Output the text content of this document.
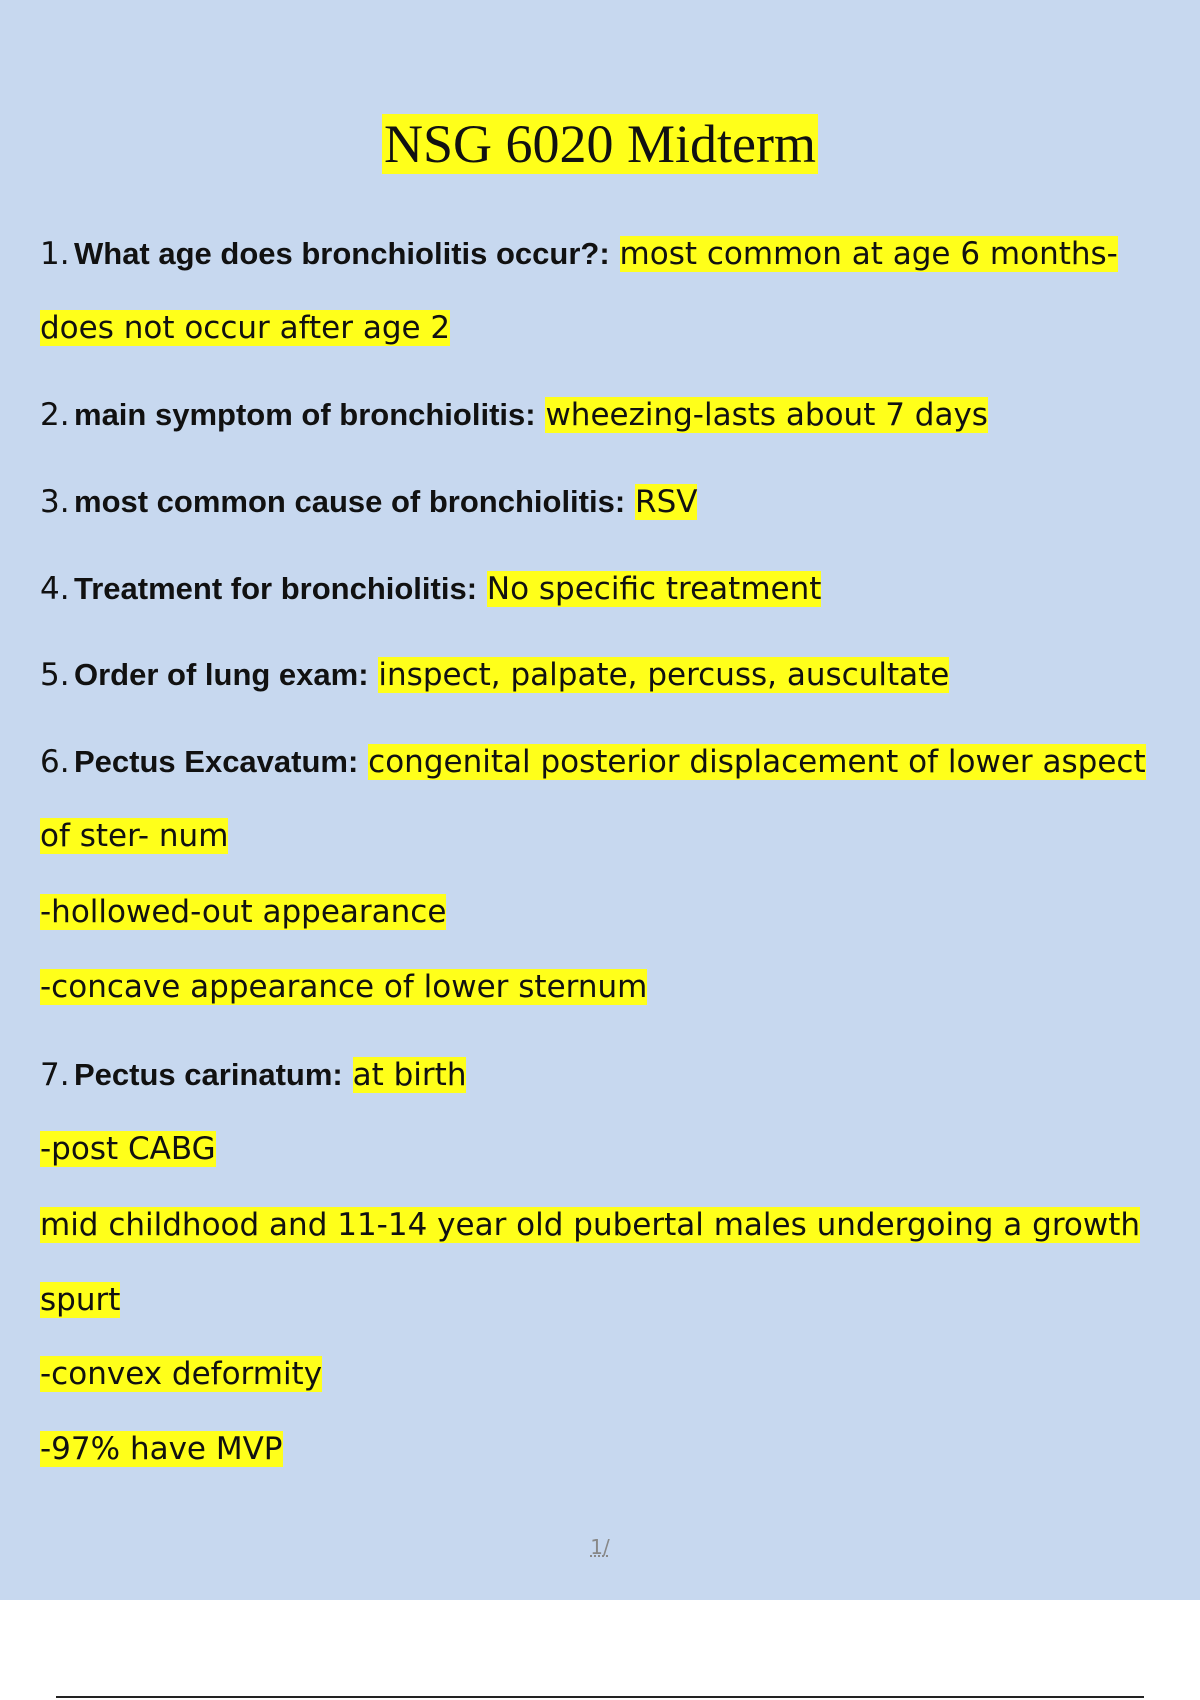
NSG 6020 Midterm

1. What age does bronchiolitis occur?: most common at age 6 months-

does not occur after age 2

2. main symptom of bronchiolitis: wheezing-lasts about 7 days

3. most common cause of bronchiolitis: RSV

4. Treatment for bronchiolitis: No specific treatment

5. Order of lung exam: inspect, palpate, percuss, auscultate

6. Pectus Excavatum: congenital posterior displacement of lower aspect

of ster- num

-hollowed-out appearance

-concave appearance of lower sternum

7. Pectus carinatum: at birth

-post CABG

mid childhood and 11-14 year old pubertal males undergoing a growth

spurt

-convex deformity

-97% have MVP

1/
